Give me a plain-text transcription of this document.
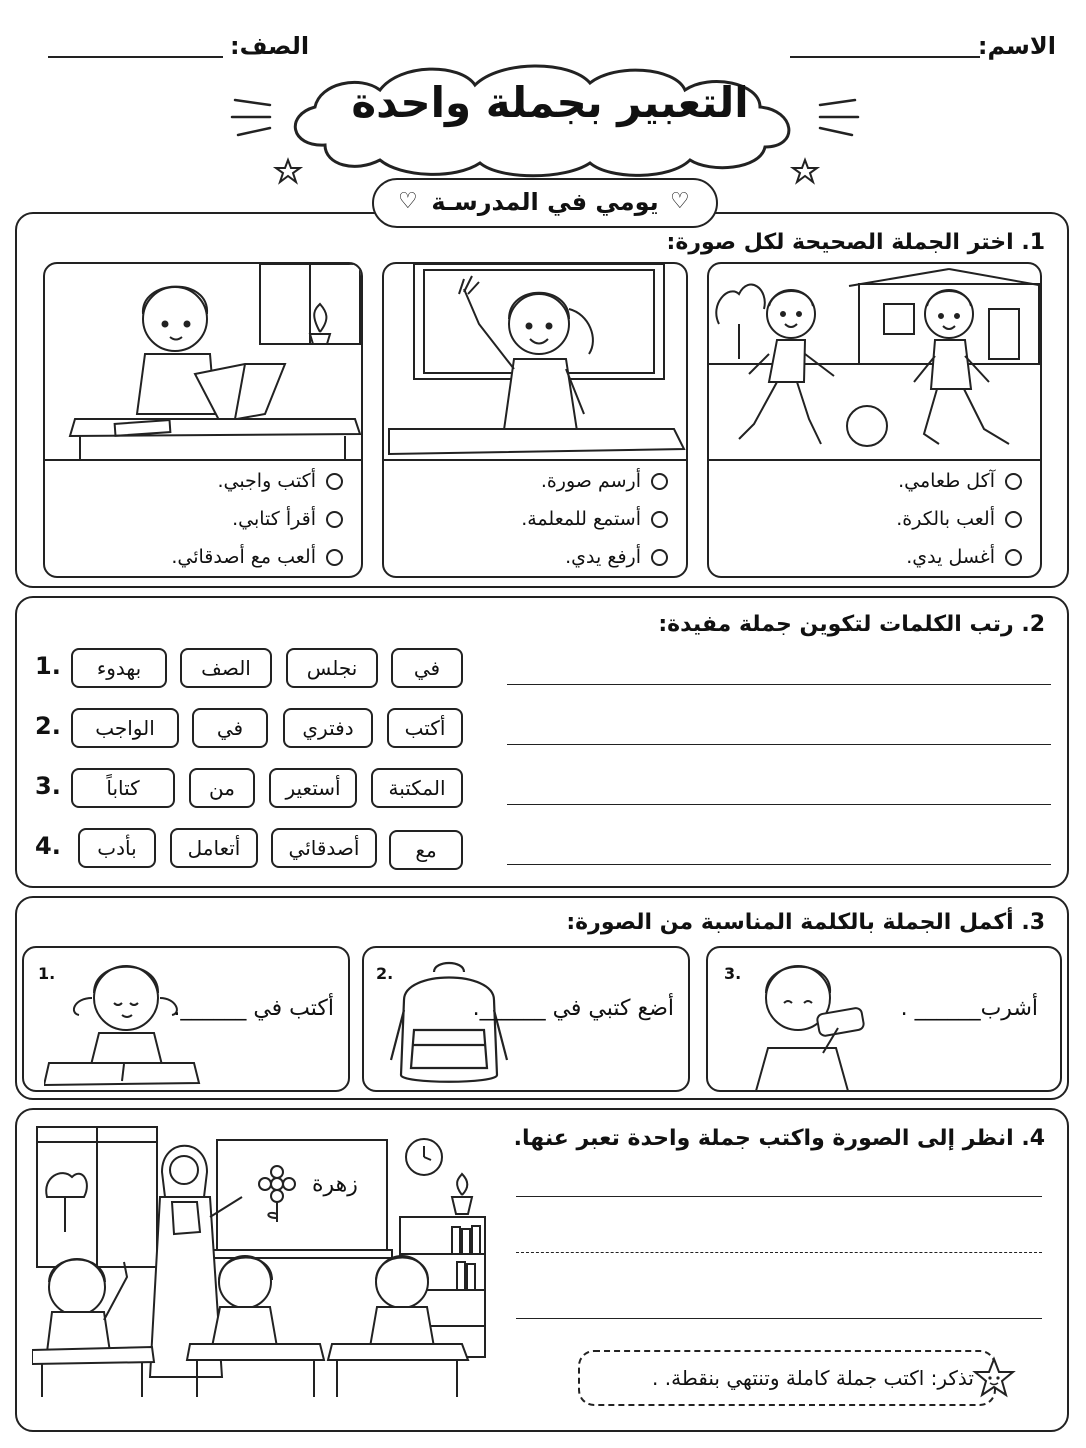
الاسم:
الصف:
التعبير بجملة واحدة
يومي في المدرسـة ♡
♡
1. اختر الجملة الصحيحة لكل صورة:
آكل طعامي.
ألعب بالكرة.
أغسل يدي.
أرسم صورة.
أستمع للمعلمة.
أرفع يدي.
أكتب واجبي.
أقرأ كتابي.
ألعب مع أصدقائي.
2. رتب الكلمات لتكوين جملة مفيدة:
1.	في
نجلس
الصف
بهدوء
2.	أكتب
دفتري
في
الواجب
3.	المكتبة
أستعير
من
كتاباً
4.	مع
أصدقائي
أتعامل
بأدب
3. أكمل الجملة بالكلمة المناسبة من الصورة:
3.
أشرب______ .
2.
أضع كتبي في ______.
1.
أكتب في ______.
4. انظر إلى الصورة واكتب جملة واحدة تعبر عنها.
زهرة
تذكر: اكتب جملة كاملة وتنتهي بنقطة. .
